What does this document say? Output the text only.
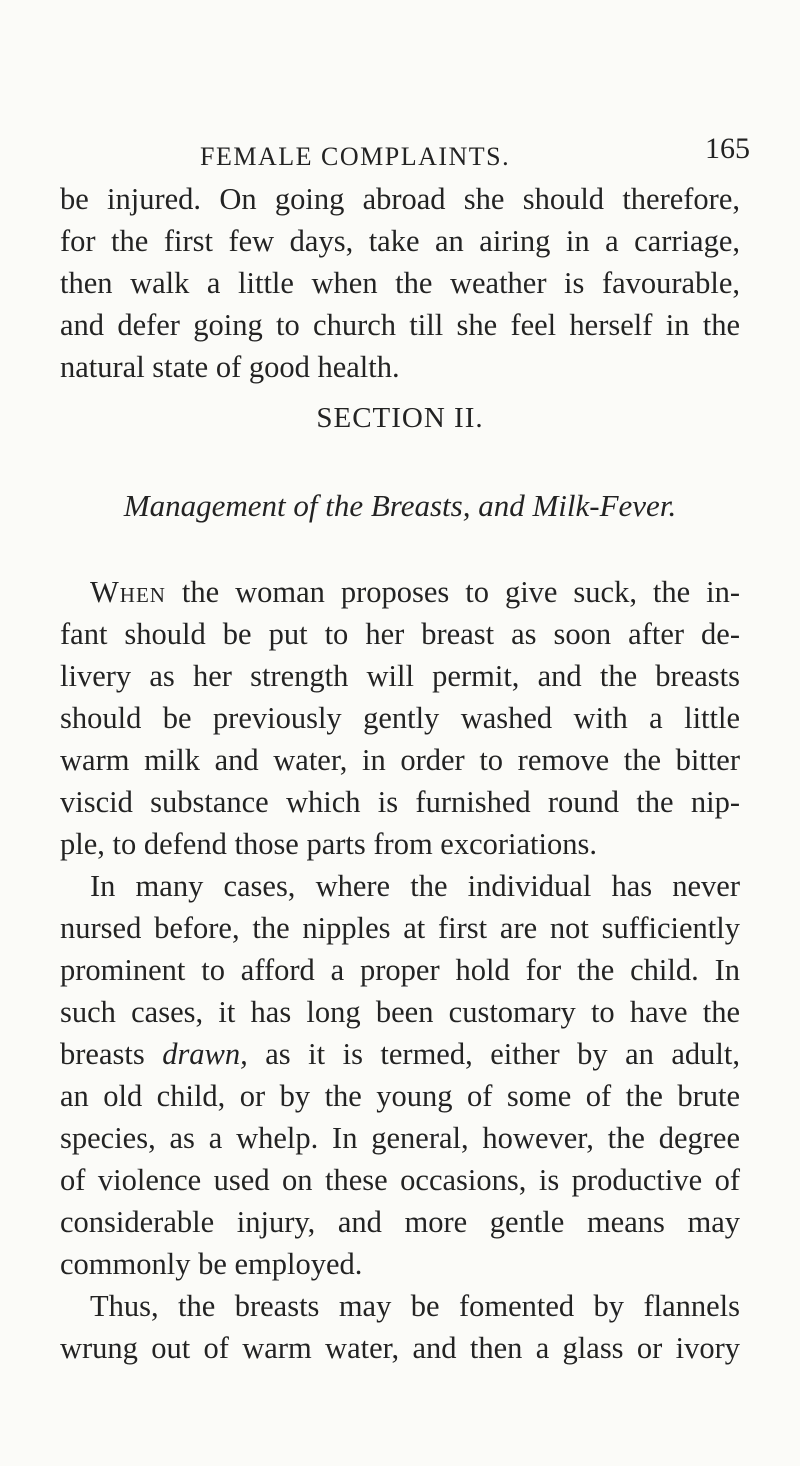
FEMALE COMPLAINTS.	165
be injured. On going abroad she should therefore,
for the first few days, take an airing in a carriage,
then walk a little when the weather is favourable,
and defer going to church till she feel herself in the
natural state of good health.
SECTION II.
Management of the Breasts, and Milk-Fever.
When the woman proposes to give suck, the in-
fant should be put to her breast as soon after de-
livery as her strength will permit, and the breasts
should be previously gently washed with a little
warm milk and water, in order to remove the bitter
viscid substance which is furnished round the nip-
ple, to defend those parts from excoriations.
In many cases, where the individual has never
nursed before, the nipples at first are not sufficiently
prominent to afford a proper hold for the child. In
such cases, it has long been customary to have the
breasts drawn, as it is termed, either by an adult,
an old child, or by the young of some of the brute
species, as a whelp. In general, however, the degree
of violence used on these occasions, is productive of
considerable injury, and more gentle means may
commonly be employed.
Thus, the breasts may be fomented by flannels
wrung out of warm water, and then a glass or ivory
